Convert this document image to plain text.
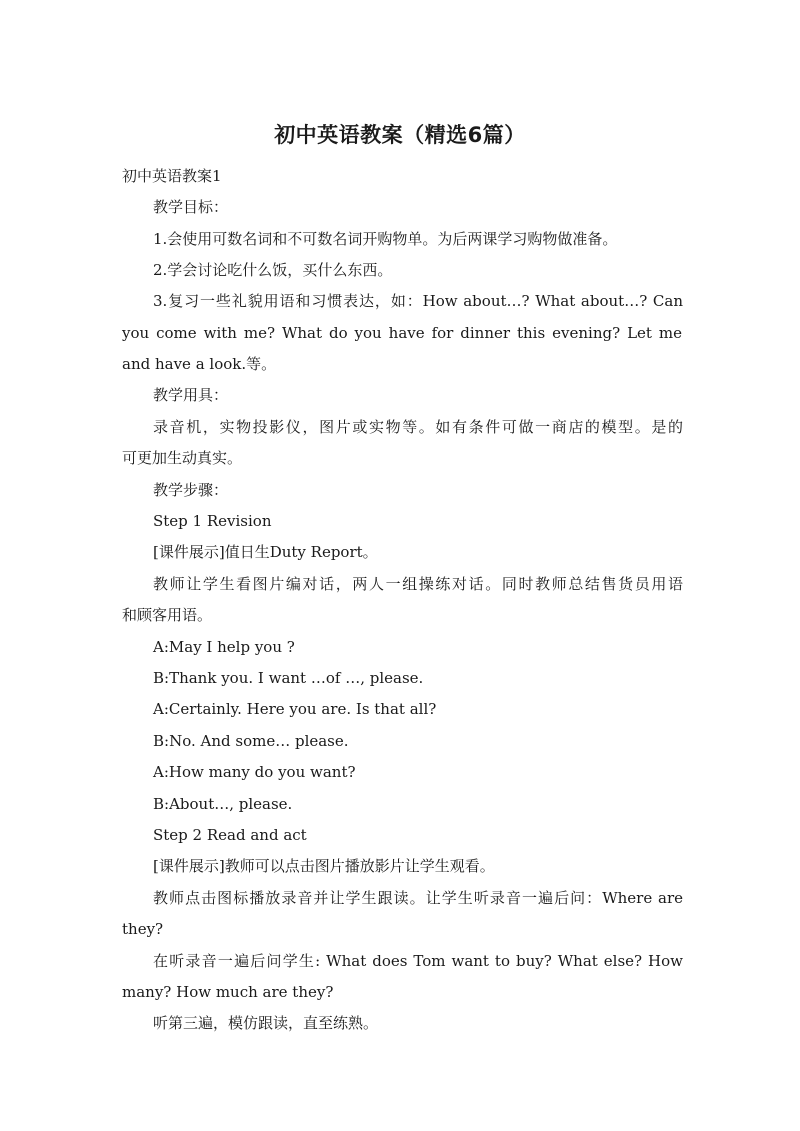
初中英语教案（精选6篇）
初中英语教案1
教学目标：
1.会使用可数名词和不可数名词开购物单。为后两课学习购物做准备。
2.学会讨论吃什么饭，买什么东西。
3.复习一些礼貌用语和习惯表达，如：How about…? What about…? Can
you come with me? What do you have for dinner this evening? Let me
and have a look.等。
教学用具：
录音机，实物投影仪，图片或实物等。如有条件可做一商店的模型。是的
可更加生动真实。
教学步骤：
Step 1 Revision
[课件展示]值日生Duty Report。
教师让学生看图片编对话，两人一组操练对话。同时教师总结售货员用语
和顾客用语。
A:May I help you ?
B:Thank you. I want …of …, please.
A:Certainly. Here you are. Is that all?
B:No. And some… please.
A:How many do you want?
B:About…, please.
Step 2 Read and act
[课件展示]教师可以点击图片播放影片让学生观看。
教师点击图标播放录音并让学生跟读。让学生听录音一遍后问：Where are
they?
在听录音一遍后问学生: What does Tom want to buy? What else? How
many? How much are they?
听第三遍，模仿跟读，直至练熟。
